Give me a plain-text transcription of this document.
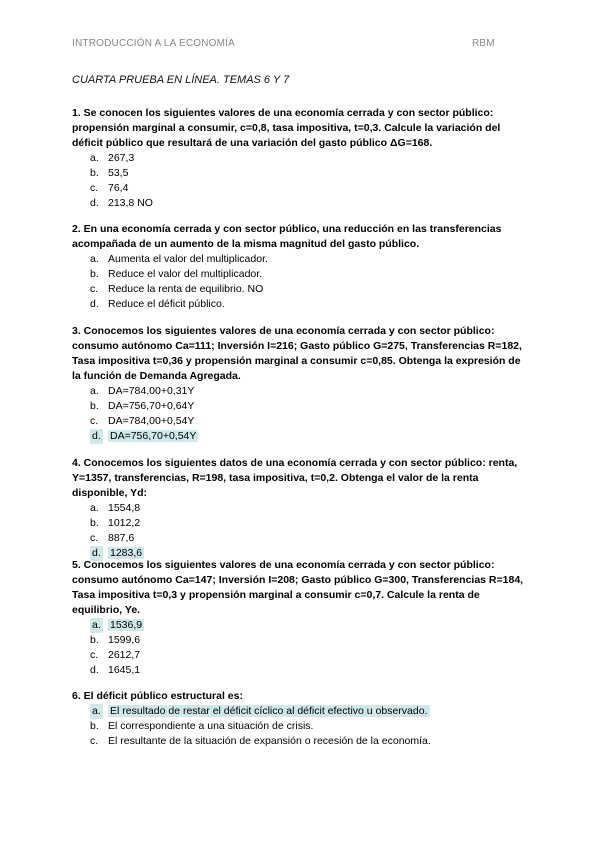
INTRODUCCIÓN A LA ECONOMÍA	RBM
CUARTA PRUEBA EN LÍNEA. TEMAS 6 Y 7

1. Se conocen los siguientes valores de una economía cerrada y con sector público: propensión marginal a consumir, c=0,8, tasa impositiva, t=0,3. Calcule la variación del déficit público que resultará de una variación del gasto público ΔG=168.

a. 267,3
b. 53,5
c. 76,4
d. 213,8 NO

2. En una economía cerrada y con sector público, una reducción en las transferencias acompañada de un aumento de la misma magnitud del gasto público.

a. Aumenta el valor del multiplicador.
b. Reduce el valor del multiplicador.
c. Reduce la renta de equilibrio. NO
d. Reduce el déficit público.

3. Conocemos los siguientes valores de una economía cerrada y con sector público: consumo autónomo Ca=111; Inversión I=216; Gasto público G=275, Transferencias R=182, Tasa impositiva t=0,36 y propensión marginal a consumir c=0,85. Obtenga la expresión de la función de Demanda Agregada.

a. DA=784,00+0,31Y
b. DA=756,70+0,64Y
c. DA=784,00+0,54Y
d. DA=756,70+0,54Y

4. Conocemos los siguientes datos de una economía cerrada y con sector público: renta, Y=1357, transferencias, R=198, tasa impositiva, t=0,2. Obtenga el valor de la renta disponible, Yd:

a. 1554,8
b. 1012,2
c. 887,6
d. 1283,6

5. Conocemos los siguientes valores de una economía cerrada y con sector público: consumo autónomo Ca=147; Inversión I=208; Gasto público G=300, Transferencias R=184, Tasa impositiva t=0,3 y propensión marginal a consumir c=0,7. Calcule la renta de equilibrio, Ye.

a. 1536,9
b. 1599,6
c. 2612,7
d. 1645,1

6. El déficit público estructural es:

a. El resultado de restar el déficit cíclico al déficit efectivo u observado.
b. El correspondiente a una situación de crisis.
c. El resultante de la situación de expansión o recesión de la economía.
